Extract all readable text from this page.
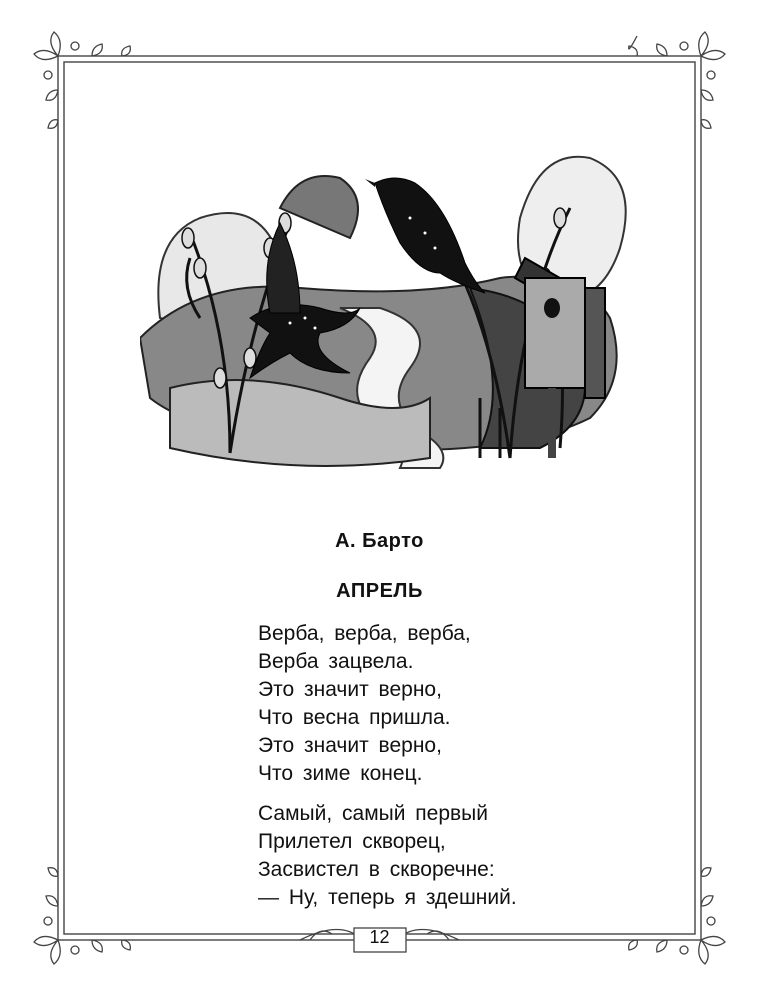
А. Барто
АПРЕЛЬ
Верба, верба, верба,
Верба зацвела.
Это значит верно,
Что весна пришла.
Это значит верно,
Что зиме конец.
Самый, самый первый
Прилетел скворец,
Засвистел в скворечне:
— Ну, теперь я здешний.
12
